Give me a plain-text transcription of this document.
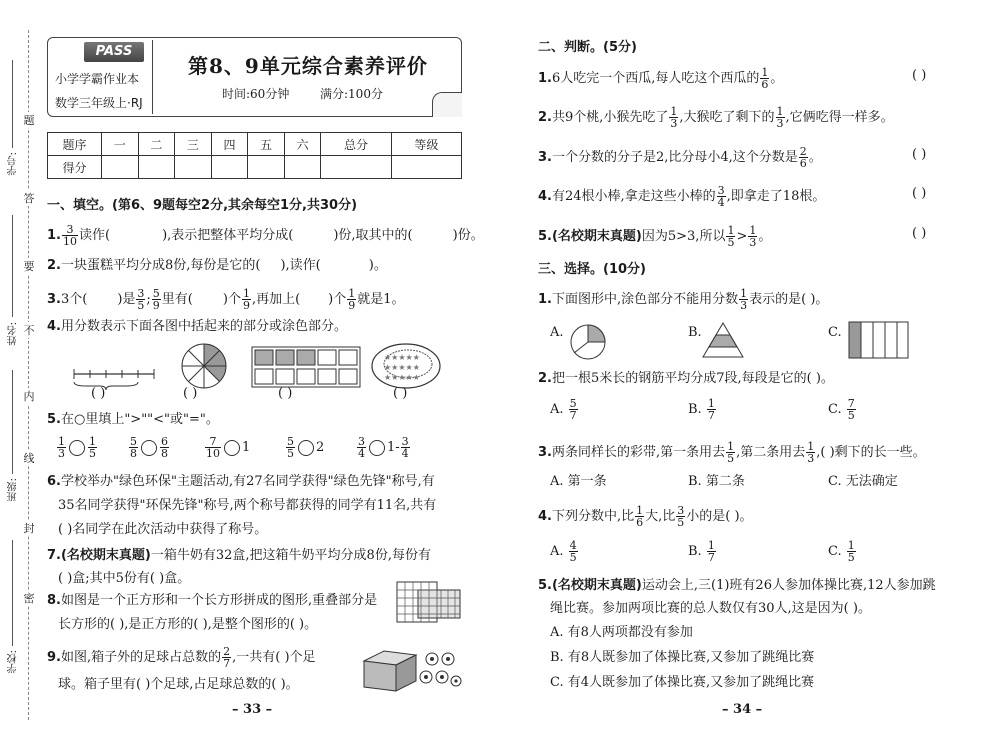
题
答
要
不
内
线
封
密
学号:
姓名:
班级:
学校:
PASS
小学学霸作业本
数学三年级上·RJ
第8、9单元综合素养评价
时间:60分钟	满分:100分
题序	一	二	三	四	五	六	总分	等级
得分								
一、填空。(第6、9题每空2分,其余每空1分,共30分)
1. $\frac{3}{10}$ 读作(	),表示把整体平均分成(	)份,取其中的(	)份。
2.一块蛋糕平均分成8份,每份是它的( ),读作(	)。
3.3个( )是 $\frac{3}{5}$ ; $\frac{5}{9}$ 里有( )个 $\frac{1}{9}$ ,再加上( )个 $\frac{1}{9}$ 就是1。
4.用分数表示下面各图中括起来的部分或涂色部分。
★★★★★
★★★★★
★★★★★
( )	( )	( )	( )
5.在○里填上">""<"或"="。
$\frac{1}{3} \frac{1}{5}$	$\frac{5}{8} \frac{6}{8}$	$\frac{7}{10} 1$	$\frac{5}{5} 2$	$\frac{3}{4} 1- \frac{3}{4}$
6.学校举办"绿色环保"主题活动,有27名同学获得"绿色先锋"称号,有
35名同学获得"环保先锋"称号,两个称号都获得的同学有11名,共有
( )名同学在此次活动中获得了称号。
7.(名校期末真题)一箱牛奶有32盒,把这箱牛奶平均分成8份,每份有
( )盒;其中5份有( )盒。
8.如图是一个正方形和一个长方形拼成的图形,重叠部分是
长方形的( ),是正方形的( ),是整个图形的( )。
9.如图,箱子外的足球占总数的 $\frac{2}{7}$ ,一共有( )个足
球。箱子里有( )个足球,占足球总数的( )。
– 33 –
二、判断。(5分)
1.6人吃完一个西瓜,每人吃这个西瓜的 $\frac{1}{6}$ 。	( )
2.共9个桃,小猴先吃了 $\frac{1}{3}$ ,大猴吃了剩下的 $\frac{1}{3}$ ,它俩吃得一样多。
3.一个分数的分子是2,比分母小4,这个分数是 $\frac{2}{6}$ 。	( )
4.有24根小棒,拿走这些小棒的 $\frac{3}{4}$ ,即拿走了18根。	( )
5.(名校期末真题)因为5>3,所以 $\frac{1}{5} > \frac{1}{3}$ 。	( )
三、选择。(10分)
1.下面图形中,涂色部分不能用分数 $\frac{1}{3}$ 表示的是( )。
A.	B.	C.
2.把一根5米长的钢筋平均分成7段,每段是它的( )。
A. $\frac{5}{7}$	B. $\frac{1}{7}$	C. $\frac{7}{5}$
3.两条同样长的彩带,第一条用去 $\frac{1}{5}$ ,第二条用去 $\frac{1}{3}$ ,( )剩下的长一些。
A. 第一条	B. 第二条	C. 无法确定
4.下列分数中,比 $\frac{1}{6}$ 大,比 $\frac{3}{5}$ 小的是( )。
A. $\frac{4}{5}$	B. $\frac{1}{7}$	C. $\frac{1}{5}$
5.(名校期末真题)运动会上,三(1)班有26人参加体操比赛,12人参加跳
绳比赛。参加两项比赛的总人数仅有30人,这是因为( )。
A. 有8人两项都没有参加
B. 有8人既参加了体操比赛,又参加了跳绳比赛
C. 有4人既参加了体操比赛,又参加了跳绳比赛
– 34 –
